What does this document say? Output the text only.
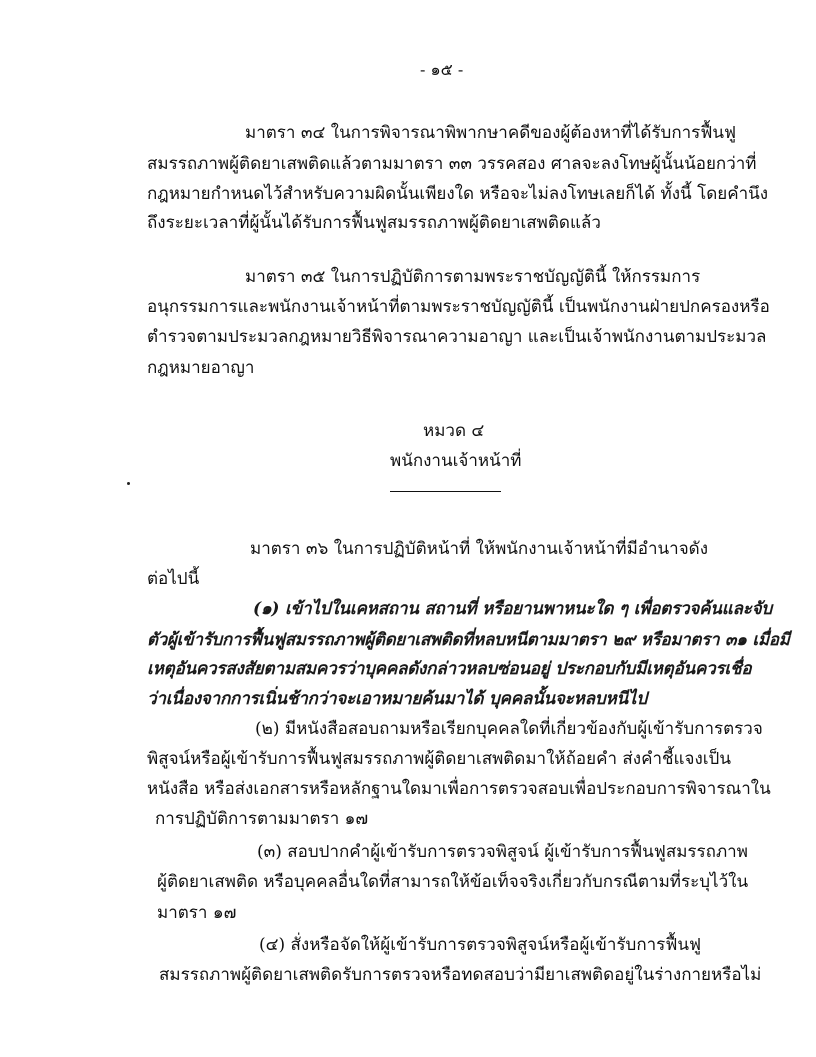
- ๑๕ -
มาตรา ๓๔ ในการพิจารณาพิพากษาคดีของผู้ต้องหาที่ได้รับการฟื้นฟู
สมรรถภาพผู้ติดยาเสพติดแล้วตามมาตรา ๓๓ วรรคสอง ศาลจะลงโทษผู้นั้นน้อยกว่าที่
กฎหมายกำหนดไว้สำหรับความผิดนั้นเพียงใด หรือจะไม่ลงโทษเลยก็ได้ ทั้งนี้ โดยคำนึง
ถึงระยะเวลาที่ผู้นั้นได้รับการฟื้นฟูสมรรถภาพผู้ติดยาเสพติดแล้ว
มาตรา ๓๕ ในการปฏิบัติการตามพระราชบัญญัตินี้ ให้กรรมการ
อนุกรรมการและพนักงานเจ้าหน้าที่ตามพระราชบัญญัตินี้ เป็นพนักงานฝ่ายปกครองหรือ
ตำรวจตามประมวลกฎหมายวิธีพิจารณาความอาญา และเป็นเจ้าพนักงานตามประมวล
กฎหมายอาญา
หมวด ๔
พนักงานเจ้าหน้าที่
มาตรา ๓๖ ในการปฏิบัติหน้าที่ ให้พนักงานเจ้าหน้าที่มีอำนาจดัง
ต่อไปนี้
(๑) เข้าไปในเคหสถาน สถานที่ หรือยานพาหนะใด ๆ เพื่อตรวจค้นและจับ
ตัวผู้เข้ารับการฟื้นฟูสมรรถภาพผู้ติดยาเสพติดที่หลบหนีตามมาตรา ๒๙ หรือมาตรา ๓๑ เมื่อมี
เหตุอันควรสงสัยตามสมควรว่าบุคคลดังกล่าวหลบซ่อนอยู่ ประกอบกับมีเหตุอันควรเชื่อ
ว่าเนื่องจากการเนิ่นช้ากว่าจะเอาหมายค้นมาได้ บุคคลนั้นจะหลบหนีไป
(๒) มีหนังสือสอบถามหรือเรียกบุคคลใดที่เกี่ยวข้องกับผู้เข้ารับการตรวจ
พิสูจน์หรือผู้เข้ารับการฟื้นฟูสมรรถภาพผู้ติดยาเสพติดมาให้ถ้อยคำ ส่งคำชี้แจงเป็น
หนังสือ หรือส่งเอกสารหรือหลักฐานใดมาเพื่อการตรวจสอบเพื่อประกอบการพิจารณาใน
การปฏิบัติการตามมาตรา ๑๗
(๓) สอบปากคำผู้เข้ารับการตรวจพิสูจน์ ผู้เข้ารับการฟื้นฟูสมรรถภาพ
ผู้ติดยาเสพติด หรือบุคคลอื่นใดที่สามารถให้ข้อเท็จจริงเกี่ยวกับกรณีตามที่ระบุไว้ใน
มาตรา ๑๗
(๔) สั่งหรือจัดให้ผู้เข้ารับการตรวจพิสูจน์หรือผู้เข้ารับการฟื้นฟู
สมรรถภาพผู้ติดยาเสพติดรับการตรวจหรือทดสอบว่ามียาเสพติดอยู่ในร่างกายหรือไม่
